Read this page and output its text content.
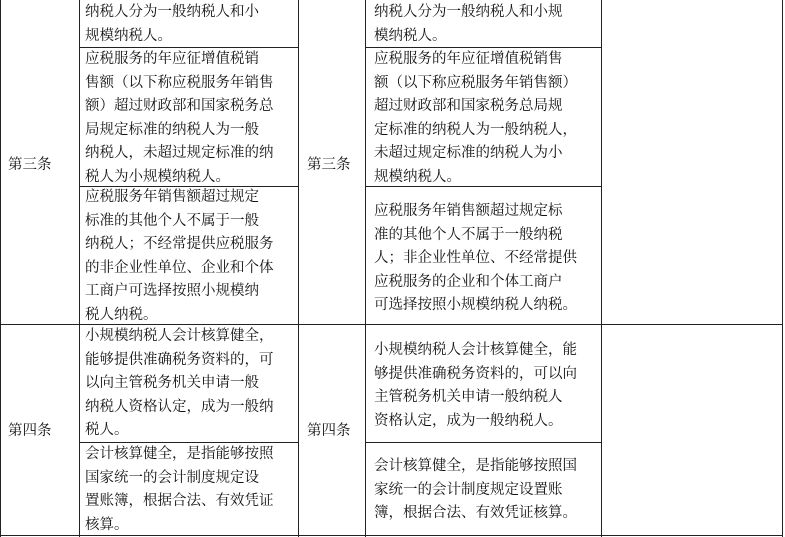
第三条	第三条
纳税人分为一般纳税人和小
规模纳税人。
应税服务的年应征增值税销
售额（以下称应税服务年销售
额）超过财政部和国家税务总
局规定标准的纳税人为一般
纳税人，未超过规定标准的纳
税人为小规模纳税人。
应税服务年销售额超过规定
标准的其他个人不属于一般
纳税人；不经常提供应税服务
的非企业性单位、企业和个体
工商户可选择按照小规模纳
税人纳税。
纳税人分为一般纳税人和小规
模纳税人。
应税服务的年应征增值税销售
额（以下称应税服务年销售额）
超过财政部和国家税务总局规
定标准的纳税人为一般纳税人，
未超过规定标准的纳税人为小
规模纳税人。
应税服务年销售额超过规定标
准的其他个人不属于一般纳税
人；非企业性单位、不经常提供
应税服务的企业和个体工商户
可选择按照小规模纳税人纳税。
第四条	第四条
小规模纳税人会计核算健全，
能够提供准确税务资料的，可
以向主管税务机关申请一般
纳税人资格认定，成为一般纳
税人。
会计核算健全，是指能够按照
国家统一的会计制度规定设
置账簿，根据合法、有效凭证
核算。
小规模纳税人会计核算健全，能
够提供准确税务资料的，可以向
主管税务机关申请一般纳税人
资格认定，成为一般纳税人。
会计核算健全，是指能够按照国
家统一的会计制度规定设置账
簿，根据合法、有效凭证核算。
